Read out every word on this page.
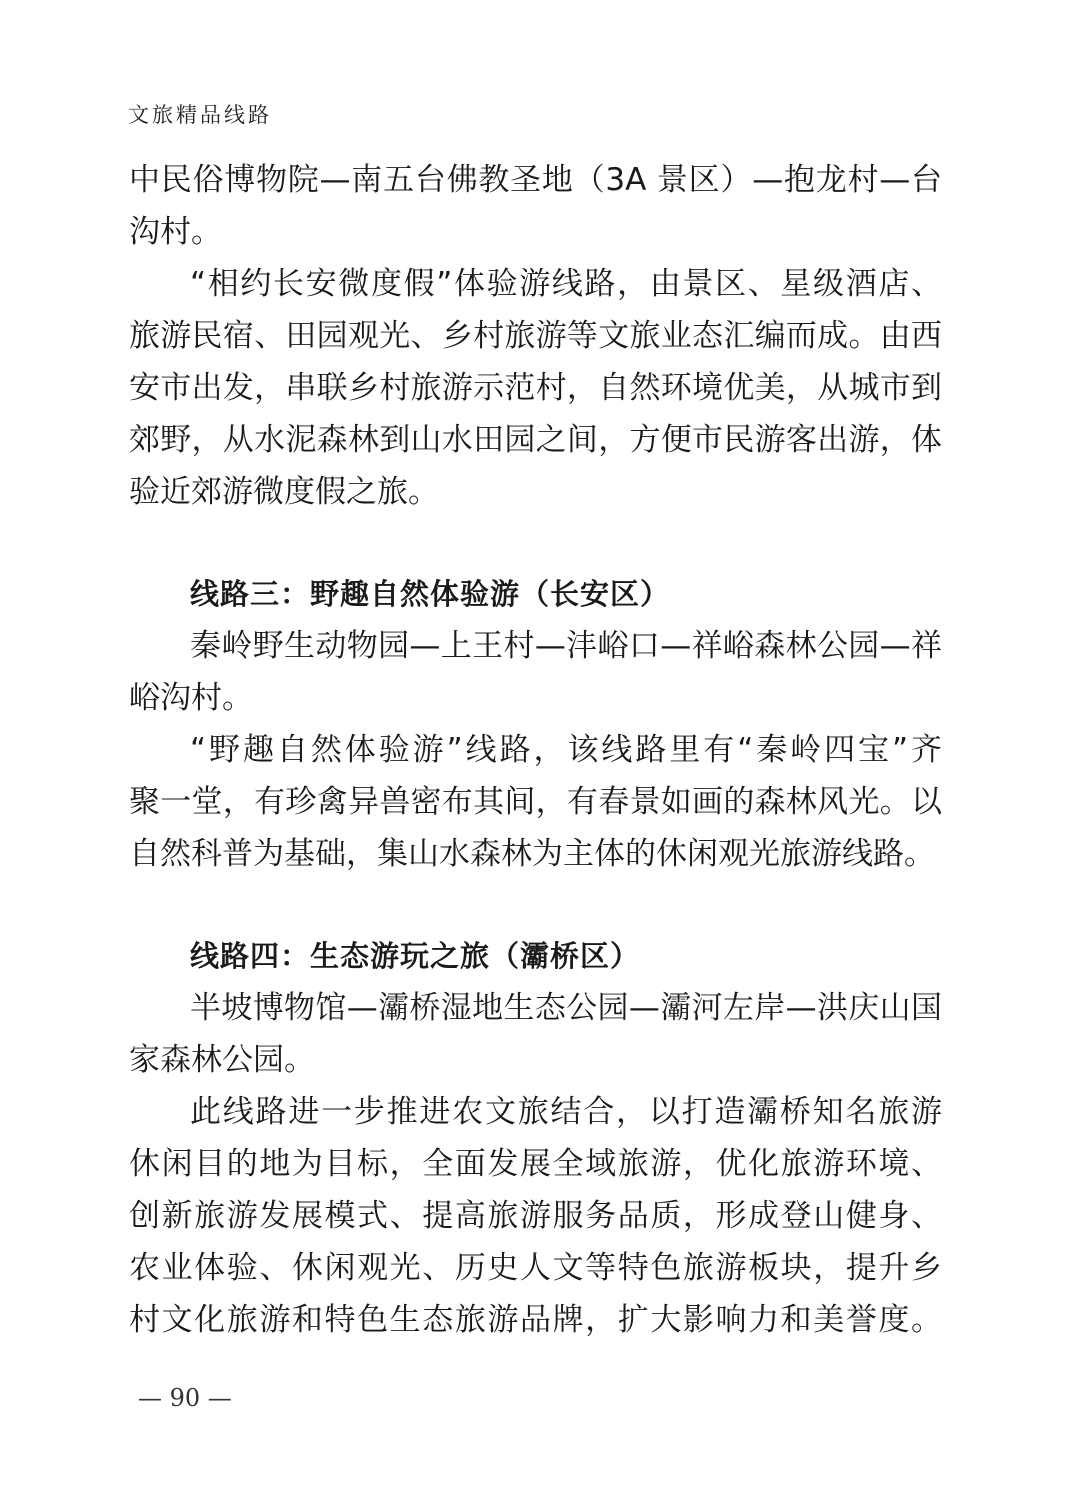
文旅精品线路
中民俗博物院—南五台佛教圣地（3A 景区）—抱龙村—台
沟村。
“相约长安微度假”体验游线路，由景区、星级酒店、
旅游民宿、田园观光、乡村旅游等文旅业态汇编而成。由西
安市出发，串联乡村旅游示范村，自然环境优美，从城市到
郊野，从水泥森林到山水田园之间，方便市民游客出游，体
验近郊游微度假之旅。
线路三：野趣自然体验游（长安区）
秦岭野生动物园—上王村—沣峪口—祥峪森林公园—祥
峪沟村。
“野趣自然体验游”线路，该线路里有“秦岭四宝”齐
聚一堂，有珍禽异兽密布其间，有春景如画的森林风光。以
自然科普为基础，集山水森林为主体的休闲观光旅游线路。
线路四：生态游玩之旅（灞桥区）
半坡博物馆—灞桥湿地生态公园—灞河左岸—洪庆山国
家森林公园。
此线路进一步推进农文旅结合，以打造灞桥知名旅游
休闲目的地为目标，全面发展全域旅游，优化旅游环境、
创新旅游发展模式、提高旅游服务品质，形成登山健身、
农业体验、休闲观光、历史人文等特色旅游板块，提升乡
村文化旅游和特色生态旅游品牌，扩大影响力和美誉度。
— 90 —
